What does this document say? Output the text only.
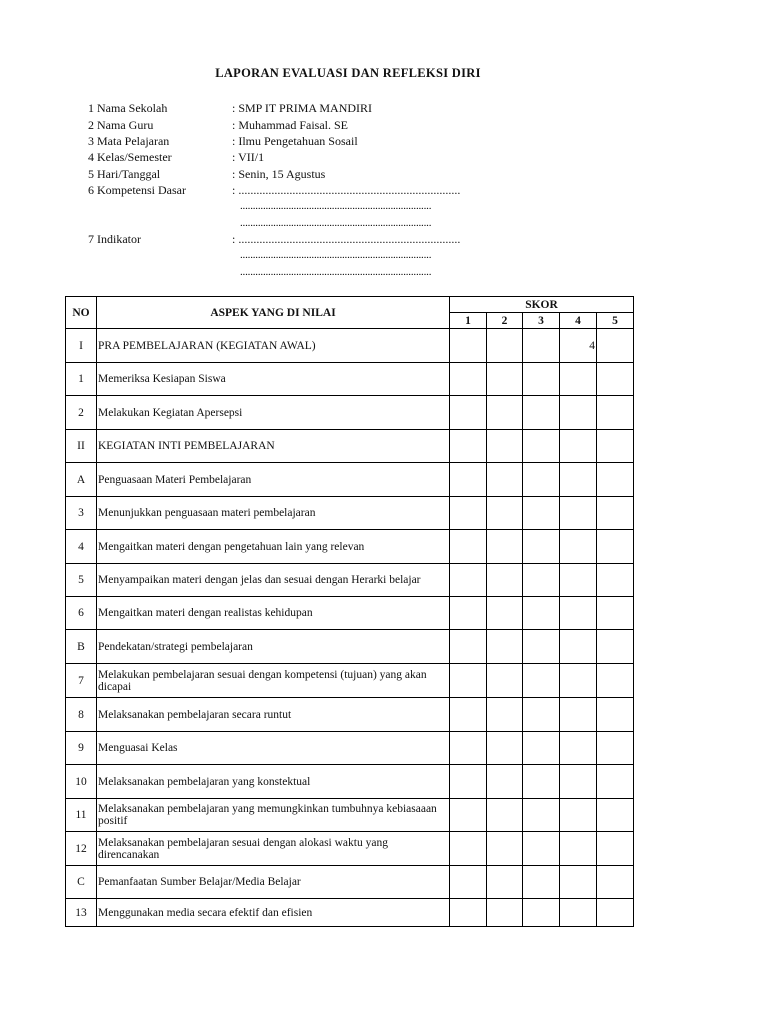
LAPORAN EVALUASI DAN REFLEKSI DIRI
1 Nama Sekolah	: SMP IT PRIMA MANDIRI
2 Nama Guru	: Muhammad Faisal. SE
3 Mata Pelajaran	: Ilmu Pengetahuan Sosail
4 Kelas/Semester	: VII/1
5 Hari/Tanggal	: Senin, 15 Agustus
6 Kompetensi Dasar	: ..........................................................................
7 Indikator	: ..........................................................................
...........................................................................
...........................................................................
...........................................................................
...........................................................................
NO	ASPEK YANG DI NILAI	SKOR				
		1	2	3	4	5
I	PRA PEMBELAJARAN (KEGIATAN AWAL)				4	
1	Memeriksa Kesiapan Siswa					
2	Melakukan Kegiatan Apersepsi					
II	KEGIATAN INTI PEMBELAJARAN					
A	Penguasaan Materi Pembelajaran					
3	Menunjukkan penguasaan materi pembelajaran					
4	Mengaitkan materi dengan pengetahuan lain yang relevan					
5	Menyampaikan materi dengan jelas dan sesuai dengan Herarki belajar					
6	Mengaitkan materi dengan realistas kehidupan					
B	Pendekatan/strategi pembelajaran					
7	Melakukan pembelajaran sesuai dengan kompetensi (tujuan) yang akan dicapai					
8	Melaksanakan pembelajaran secara runtut					
9	Menguasai Kelas					
10	Melaksanakan pembelajaran yang konstektual					
11	Melaksanakan pembelajaran yang memungkinkan tumbuhnya kebiasaaan positif					
12	Melaksanakan pembelajaran sesuai dengan alokasi waktu yang direncanakan					
C	Pemanfaatan Sumber Belajar/Media Belajar					
13	Menggunakan media secara efektif dan efisien					
